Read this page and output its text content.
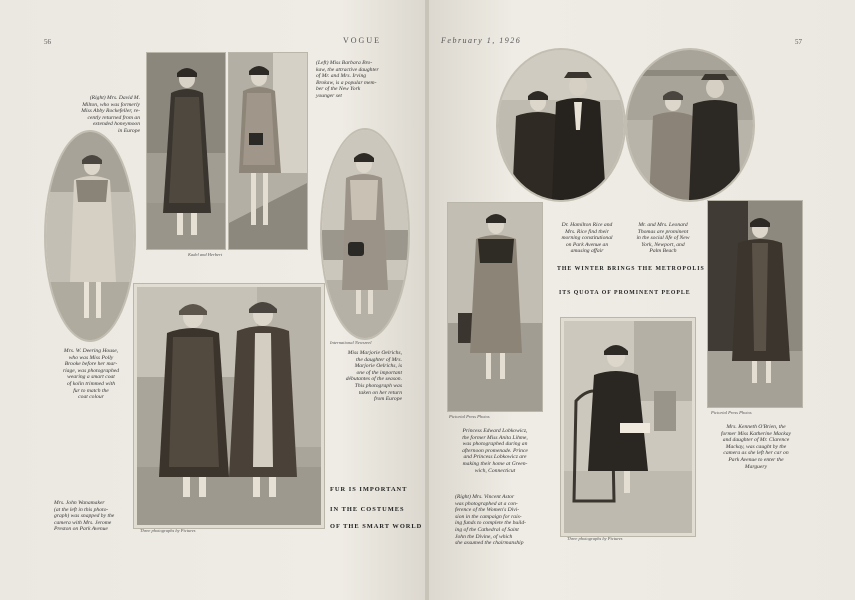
56	VOGUE
(Right) Mrs. David M.
Milton, who was formerly
Miss Abby Rockefeller, re-
cently returned from an
extended honeymoon
in Europe
Kadel and Herbert
(Left) Miss Barbara Bro-
kaw, the attractive daughter
of Mr. and Mrs. Irving
Brokaw, is a popular mem-
ber of the New York
younger set
Mrs. W. Deering House,
who was Miss Polly
Brooke before her mar-
riage, was photographed
wearing a smart coat
of kolin trimmed with
fur to match the
coat colour
International Newsreel
Miss Marjorie Oelrichs,
the daughter of Mrs.
Marjorie Oelrichs, is
one of the important
débutantes of the season.
This photograph was
taken on her return
from Europe
Three photographs by Pictures
Mrs. John Wanamaker
(at the left in this photo-
graph) was snapped by the
camera with Mrs. Jerome
Preston on Park Avenue
FUR IS IMPORTANT
IN THE COSTUMES
OF THE SMART WORLD
February 1, 1926	57
Pictorial Press Photos
Princess Edward Lobkowicz,
the former Miss Anita Lihme,
was photographed during an
afternoon promenade. Prince
and Princess Lobkowicz are
making their home at Green-
wich, Connecticut
Dr. Hamilton Rice and
Mrs. Rice find their
morning constitutional
on Park Avenue an
amusing affair
Mr. and Mrs. Leonard
Thomas are prominent
in the social life of New
York, Newport, and
Palm Beach
THE WINTER BRINGS THE METROPOLIS
ITS QUOTA OF PROMINENT PEOPLE
Three photographs by Pictures
(Right) Mrs. Vincent Astor
was photographed at a con-
ference of the Women's Divi-
sion in the campaign for rais-
ing funds to complete the build-
ing of the Cathedral of Saint
John the Divine, of which
she assumed the chairmanship
Pictorial Press Photos
Mrs. Kenneth O'Brien, the
former Miss Katherine Mackay
and daughter of Mr. Clarence
Mackay, was caught by the
camera as she left her car on
Park Avenue to enter the
Marguery
